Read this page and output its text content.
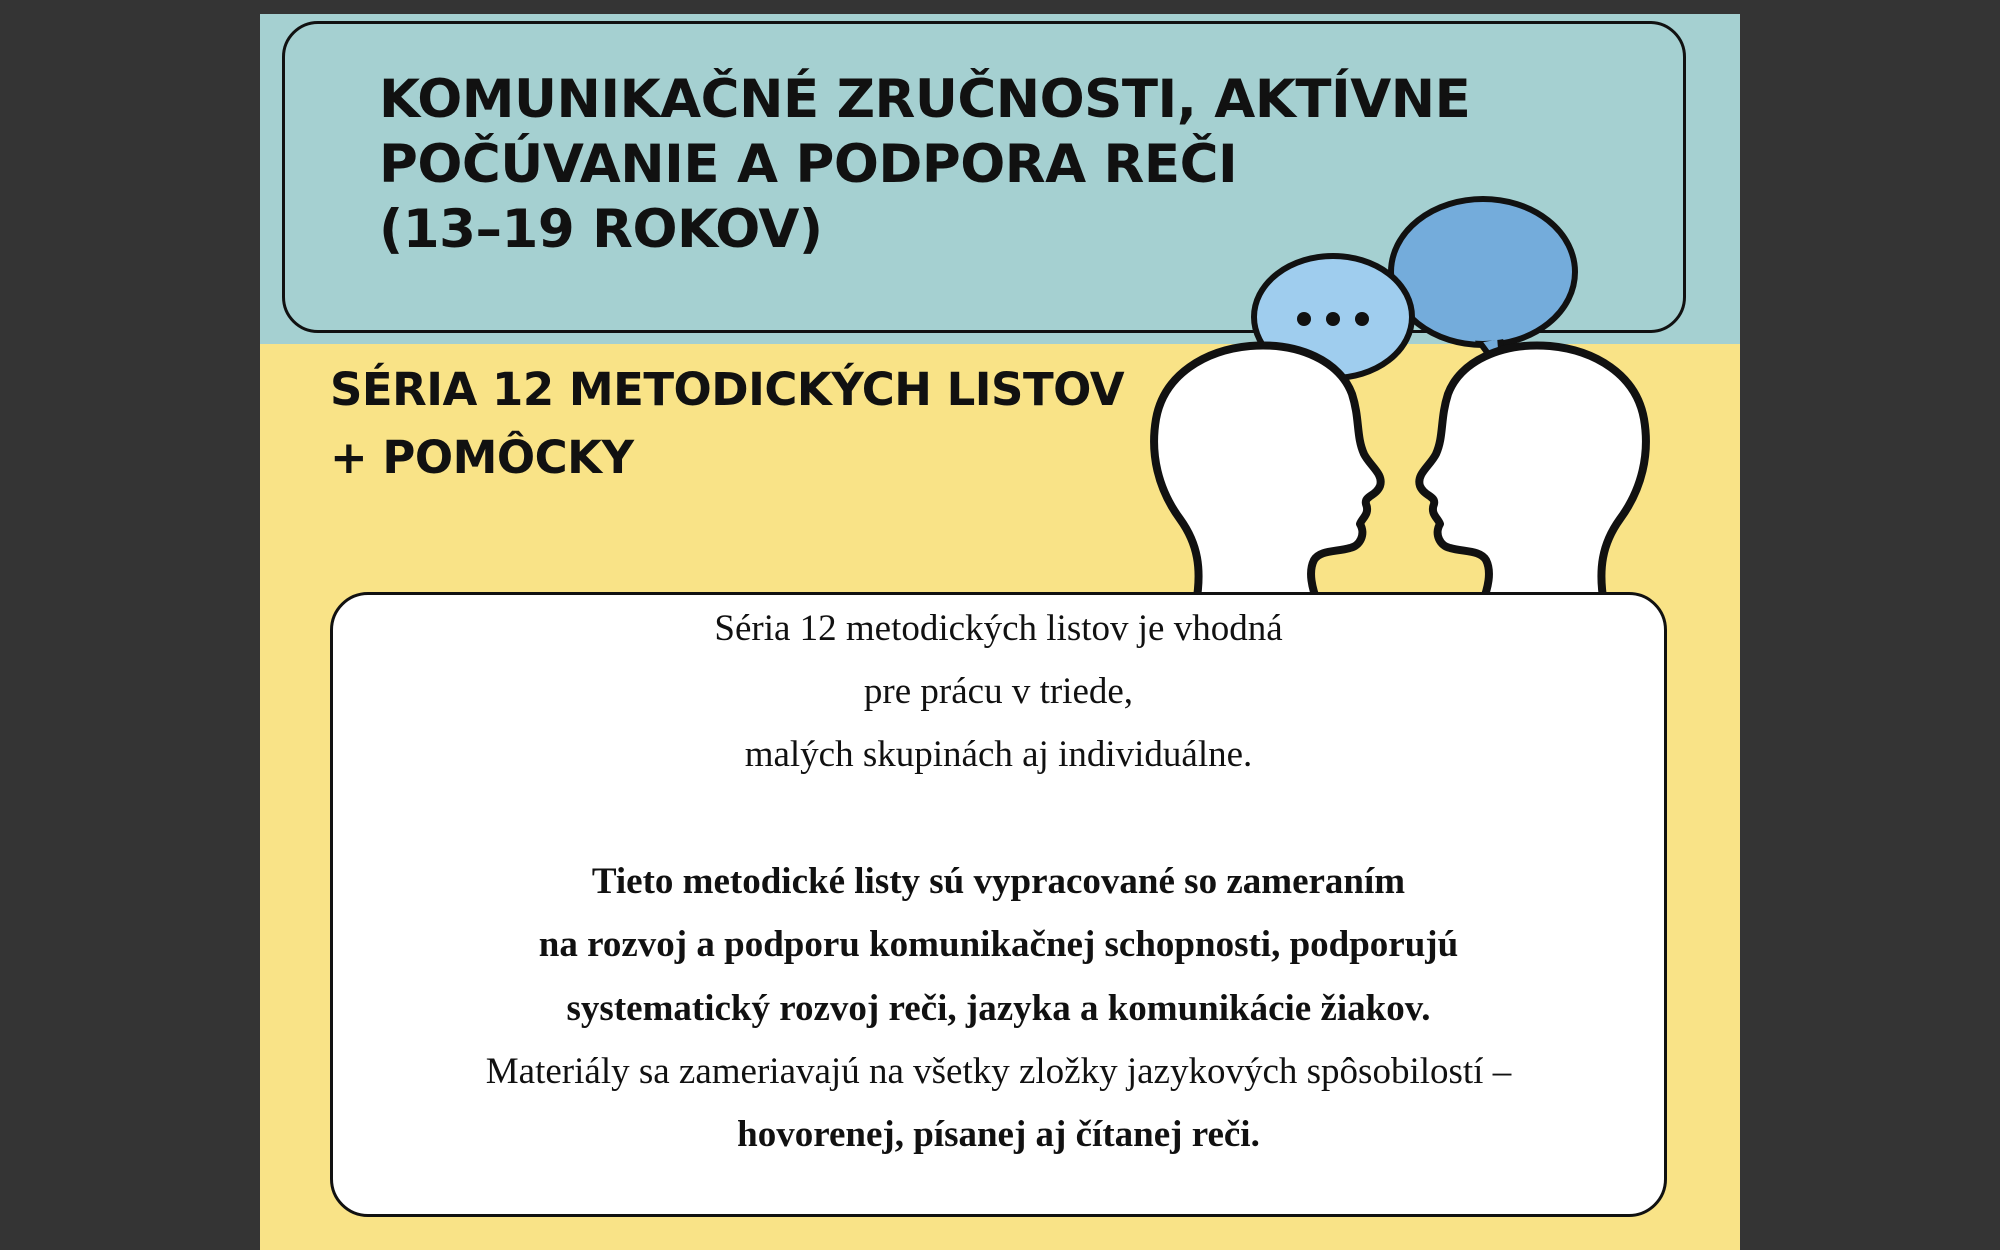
KOMUNIKAČNÉ ZRUČNOSTI, AKTÍVNE
POČÚVANIE A PODPORA REČI
(13–19 ROKOV)
SÉRIA 12 METODICKÝCH LISTOV
+ POMÔCKY
Séria 12 metodických listov je vhodná
pre prácu v triede,
malých skupinách aj individuálne.
Tieto metodické listy sú vypracované so zameraním
na rozvoj a podporu komunikačnej schopnosti, podporujú
systematický rozvoj reči, jazyka a komunikácie žiakov.
Materiály sa zameriavajú na všetky zložky jazykových spôsobilostí –
hovorenej, písanej aj čítanej reči.
